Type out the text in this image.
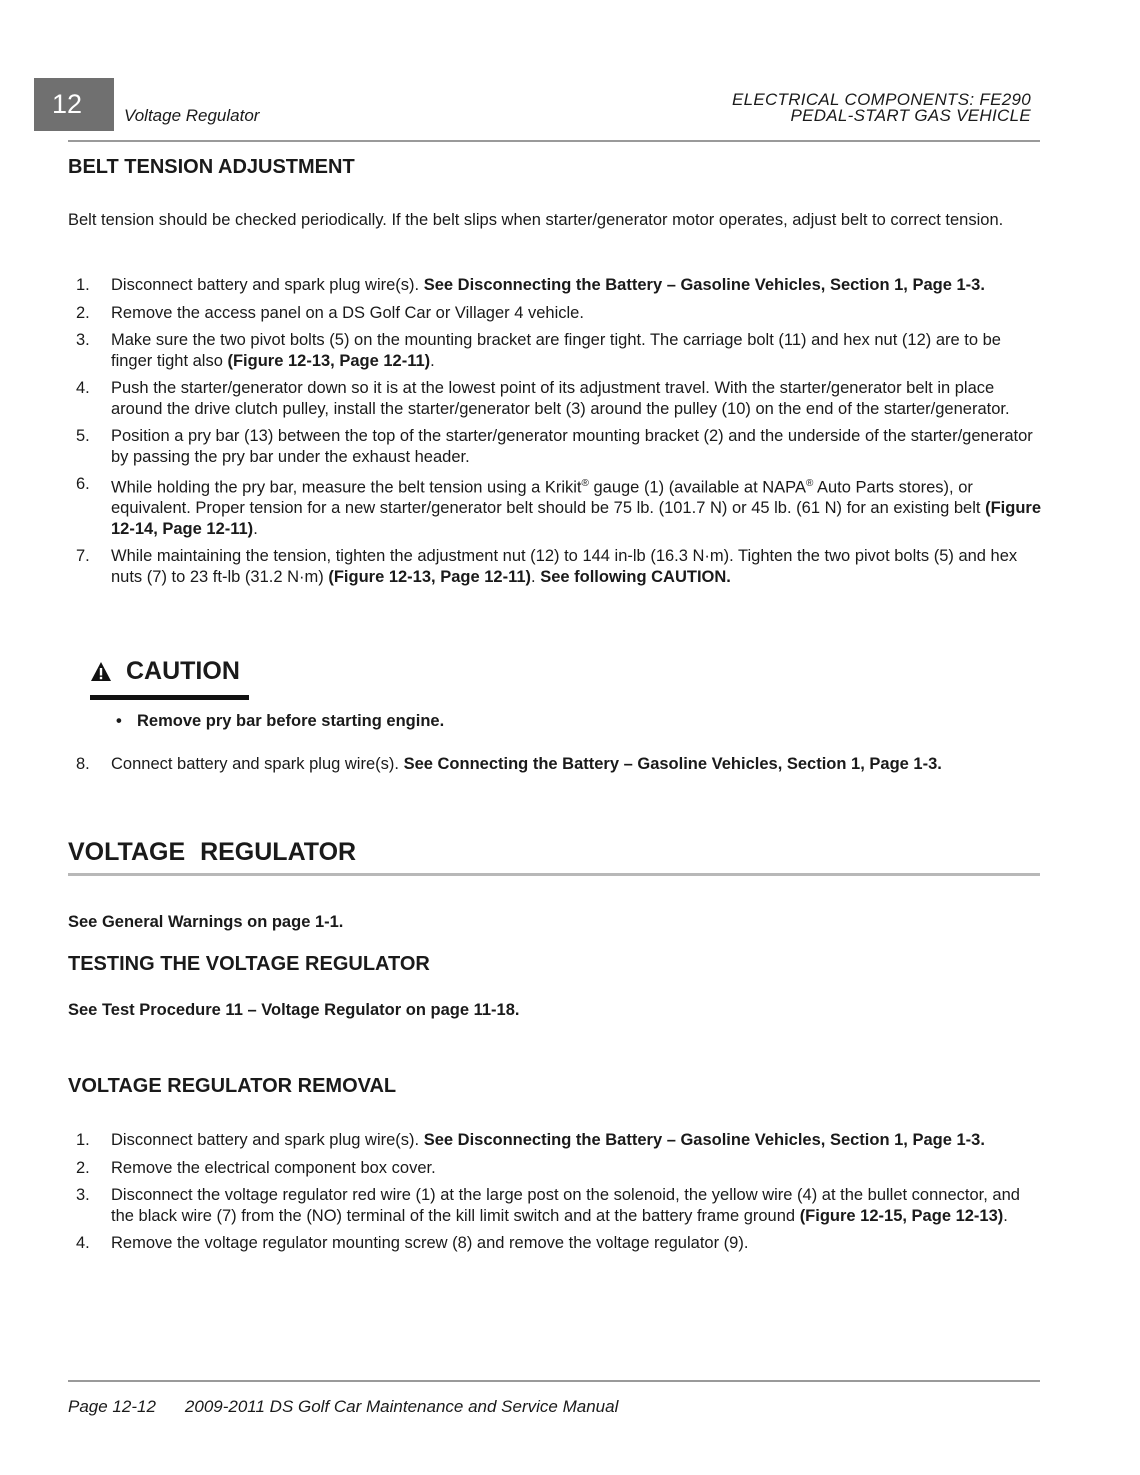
12	Voltage Regulator
ELECTRICAL COMPONENTS: FE290
PEDAL-START GAS VEHICLE
BELT TENSION ADJUSTMENT
Belt tension should be checked periodically. If the belt slips when starter/generator motor operates, adjust belt to correct tension.
1. Disconnect battery and spark plug wire(s). See Disconnecting the Battery – Gasoline Vehicles, Section 1, Page 1-3.
2. Remove the access panel on a DS Golf Car or Villager 4 vehicle.
3. Make sure the two pivot bolts (5) on the mounting bracket are finger tight. The carriage bolt (11) and hex nut (12) are to be finger tight also (Figure 12-13, Page 12-11).
4. Push the starter/generator down so it is at the lowest point of its adjustment travel. With the starter/generator belt in place around the drive clutch pulley, install the starter/generator belt (3) around the pulley (10) on the end of the starter/generator.
5. Position a pry bar (13) between the top of the starter/generator mounting bracket (2) and the underside of the starter/generator by passing the pry bar under the exhaust header.
6. While holding the pry bar, measure the belt tension using a Krikit® gauge (1) (available at NAPA® Auto Parts stores), or equivalent. Proper tension for a new starter/generator belt should be 75 lb. (101.7 N) or 45 lb. (61 N) for an existing belt (Figure 12-14, Page 12-11).
7. While maintaining the tension, tighten the adjustment nut (12) to 144 in-lb (16.3 N·m). Tighten the two pivot bolts (5) and hex nuts (7) to 23 ft-lb (31.2 N·m) (Figure 12-13, Page 12-11). See following CAUTION.
CAUTION
• Remove pry bar before starting engine.
8. Connect battery and spark plug wire(s). See Connecting the Battery – Gasoline Vehicles, Section 1, Page 1-3.
VOLTAGE REGULATOR
See General Warnings on page 1-1.
TESTING THE VOLTAGE REGULATOR
See Test Procedure 11 – Voltage Regulator on page 11-18.
VOLTAGE REGULATOR REMOVAL
1. Disconnect battery and spark plug wire(s). See Disconnecting the Battery – Gasoline Vehicles, Section 1, Page 1-3.
2. Remove the electrical component box cover.
3. Disconnect the voltage regulator red wire (1) at the large post on the solenoid, the yellow wire (4) at the bullet connector, and the black wire (7) from the (NO) terminal of the kill limit switch and at the battery frame ground (Figure 12-15, Page 12-13).
4. Remove the voltage regulator mounting screw (8) and remove the voltage regulator (9).
Page 12-12 2009-2011 DS Golf Car Maintenance and Service Manual
